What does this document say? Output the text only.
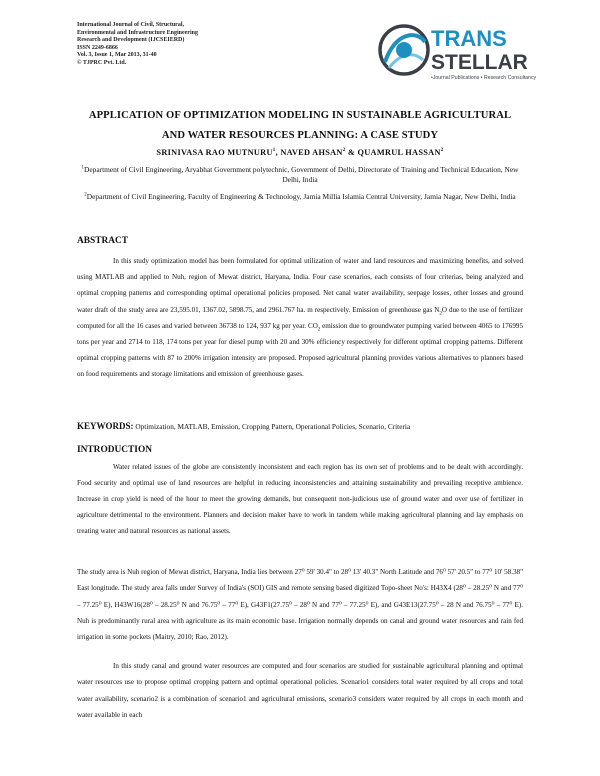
International Journal of Civil, Structural,
Environmental and Infrastructure Engineering
Research and Development (IJCSEIERD)
ISSN 2249-6866
Vol. 3, Issue 1, Mar 2013, 31-40
© TJPRC Pvt. Ltd.
TRANS
STELLAR
•Journal Publications • Research Consultancy
APPLICATION OF OPTIMIZATION MODELING IN SUSTAINABLE AGRICULTURAL
AND WATER RESOURCES PLANNING: A CASE STUDY
SRINIVASA RAO MUTNURU$^1$, NAVED AHSAN$^2$ & QUAMRUL HASSAN$^2$
$^1$Department of Civil Engineering, Aryabhat Government polytechnic, Government of Delhi, Directorate of Training and Technical Education, New Delhi, India
$^2$Department of Civil Engineering, Faculty of Engineering & Technology, Jamia Millia Islamia Central University, Jamia Nagar, New Delhi, India
ABSTRACT
In this study optimization model has been formulated for optimal utilization of water and land resources and maximizing benefits, and solved using MATLAB and applied to Nuh, region of Mewat district, Haryana, India. Four case scenarios, each consists of four criterias, being analyzed and optimal cropping patterns and corresponding optimal operational policies proposed. Net canal water availability, seepage losses, other losses and ground water draft of the study area are 23,595.01, 1367.02, 5898.75, and 2961.767 ha. m respectively. Emission of greenhouse gas $N_2O$ due to the use of fertilizer computed for all the 16 cases and varied between 36738 to 124, 937 kg per year. $CO_2$ emission due to groundwater pumping varied between 4065 to 176995 tons per year and 2714 to 118, 174 tons per year for diesel pump with 20 and 30% efficiency respectively for different optimal cropping patterns. Different optimal cropping patterns with 87 to 200% irrigation intensity are proposed. Proposed agricultural planning provides various alternatives to planners based on food requirements and storage limitations and emission of greenhouse gases.
KEYWORDS: Optimization, MATLAB, Emission, Cropping Pattern, Operational Policies, Scenario, Criteria
INTRODUCTION
Water related issues of the globe are consistently inconsistent and each region has its own set of problems and to be dealt with accordingly. Food security and optimal use of land resources are helpful in reducing inconsistencies and attaining sustainability and prevailing receptive ambience. Increase in crop yield is need of the hour to meet the growing demands, but consequent non-judicious use of ground water and over use of fertilizer in agriculture detrimental to the environment. Planners and decision maker have to work in tandem while making agricultural planning and lay emphasis on treating water and natural resources as national assets.
The study area is Nuh region of Mewat district, Haryana, India lies between 27⁰ 59' 30.4" to 28⁰ 13' 40.3" North Latitude and 76⁰ 57' 20.5" to 77⁰ 10' 58.38" East longitude. The study area falls under Survey of India's (SOI) GIS and remote sensing based digitized Topo-sheet No's: H43X4 (28⁰ – 28.25⁰ N and 77⁰ – 77.25⁰ E), H43W16(28⁰ – 28.25⁰ N and 76.75⁰ – 77⁰ E), G43F1(27.75⁰ – 28⁰ N and 77⁰ – 77.25⁰ E), and G43E13(27.75⁰ – 28 N and 76.75⁰ – 77⁰ E). Nuh is predominantly rural area with agriculture as its main economic base. Irrigation normally depends on canal and ground water resources and rain fed irrigation in some pockets (Maitry, 2010; Rao, 2012).
In this study canal and ground water resources are computed and four scenarios are studied for sustainable agricultural planning and optimal water resources use to propose optimal cropping pattern and optimal operational policies. Scenario1 considers total water required by all crops and total water availability, scenario2 is a combination of scenario1 and agricultural emissions, scenario3 considers water required by all crops in each month and water available in each
